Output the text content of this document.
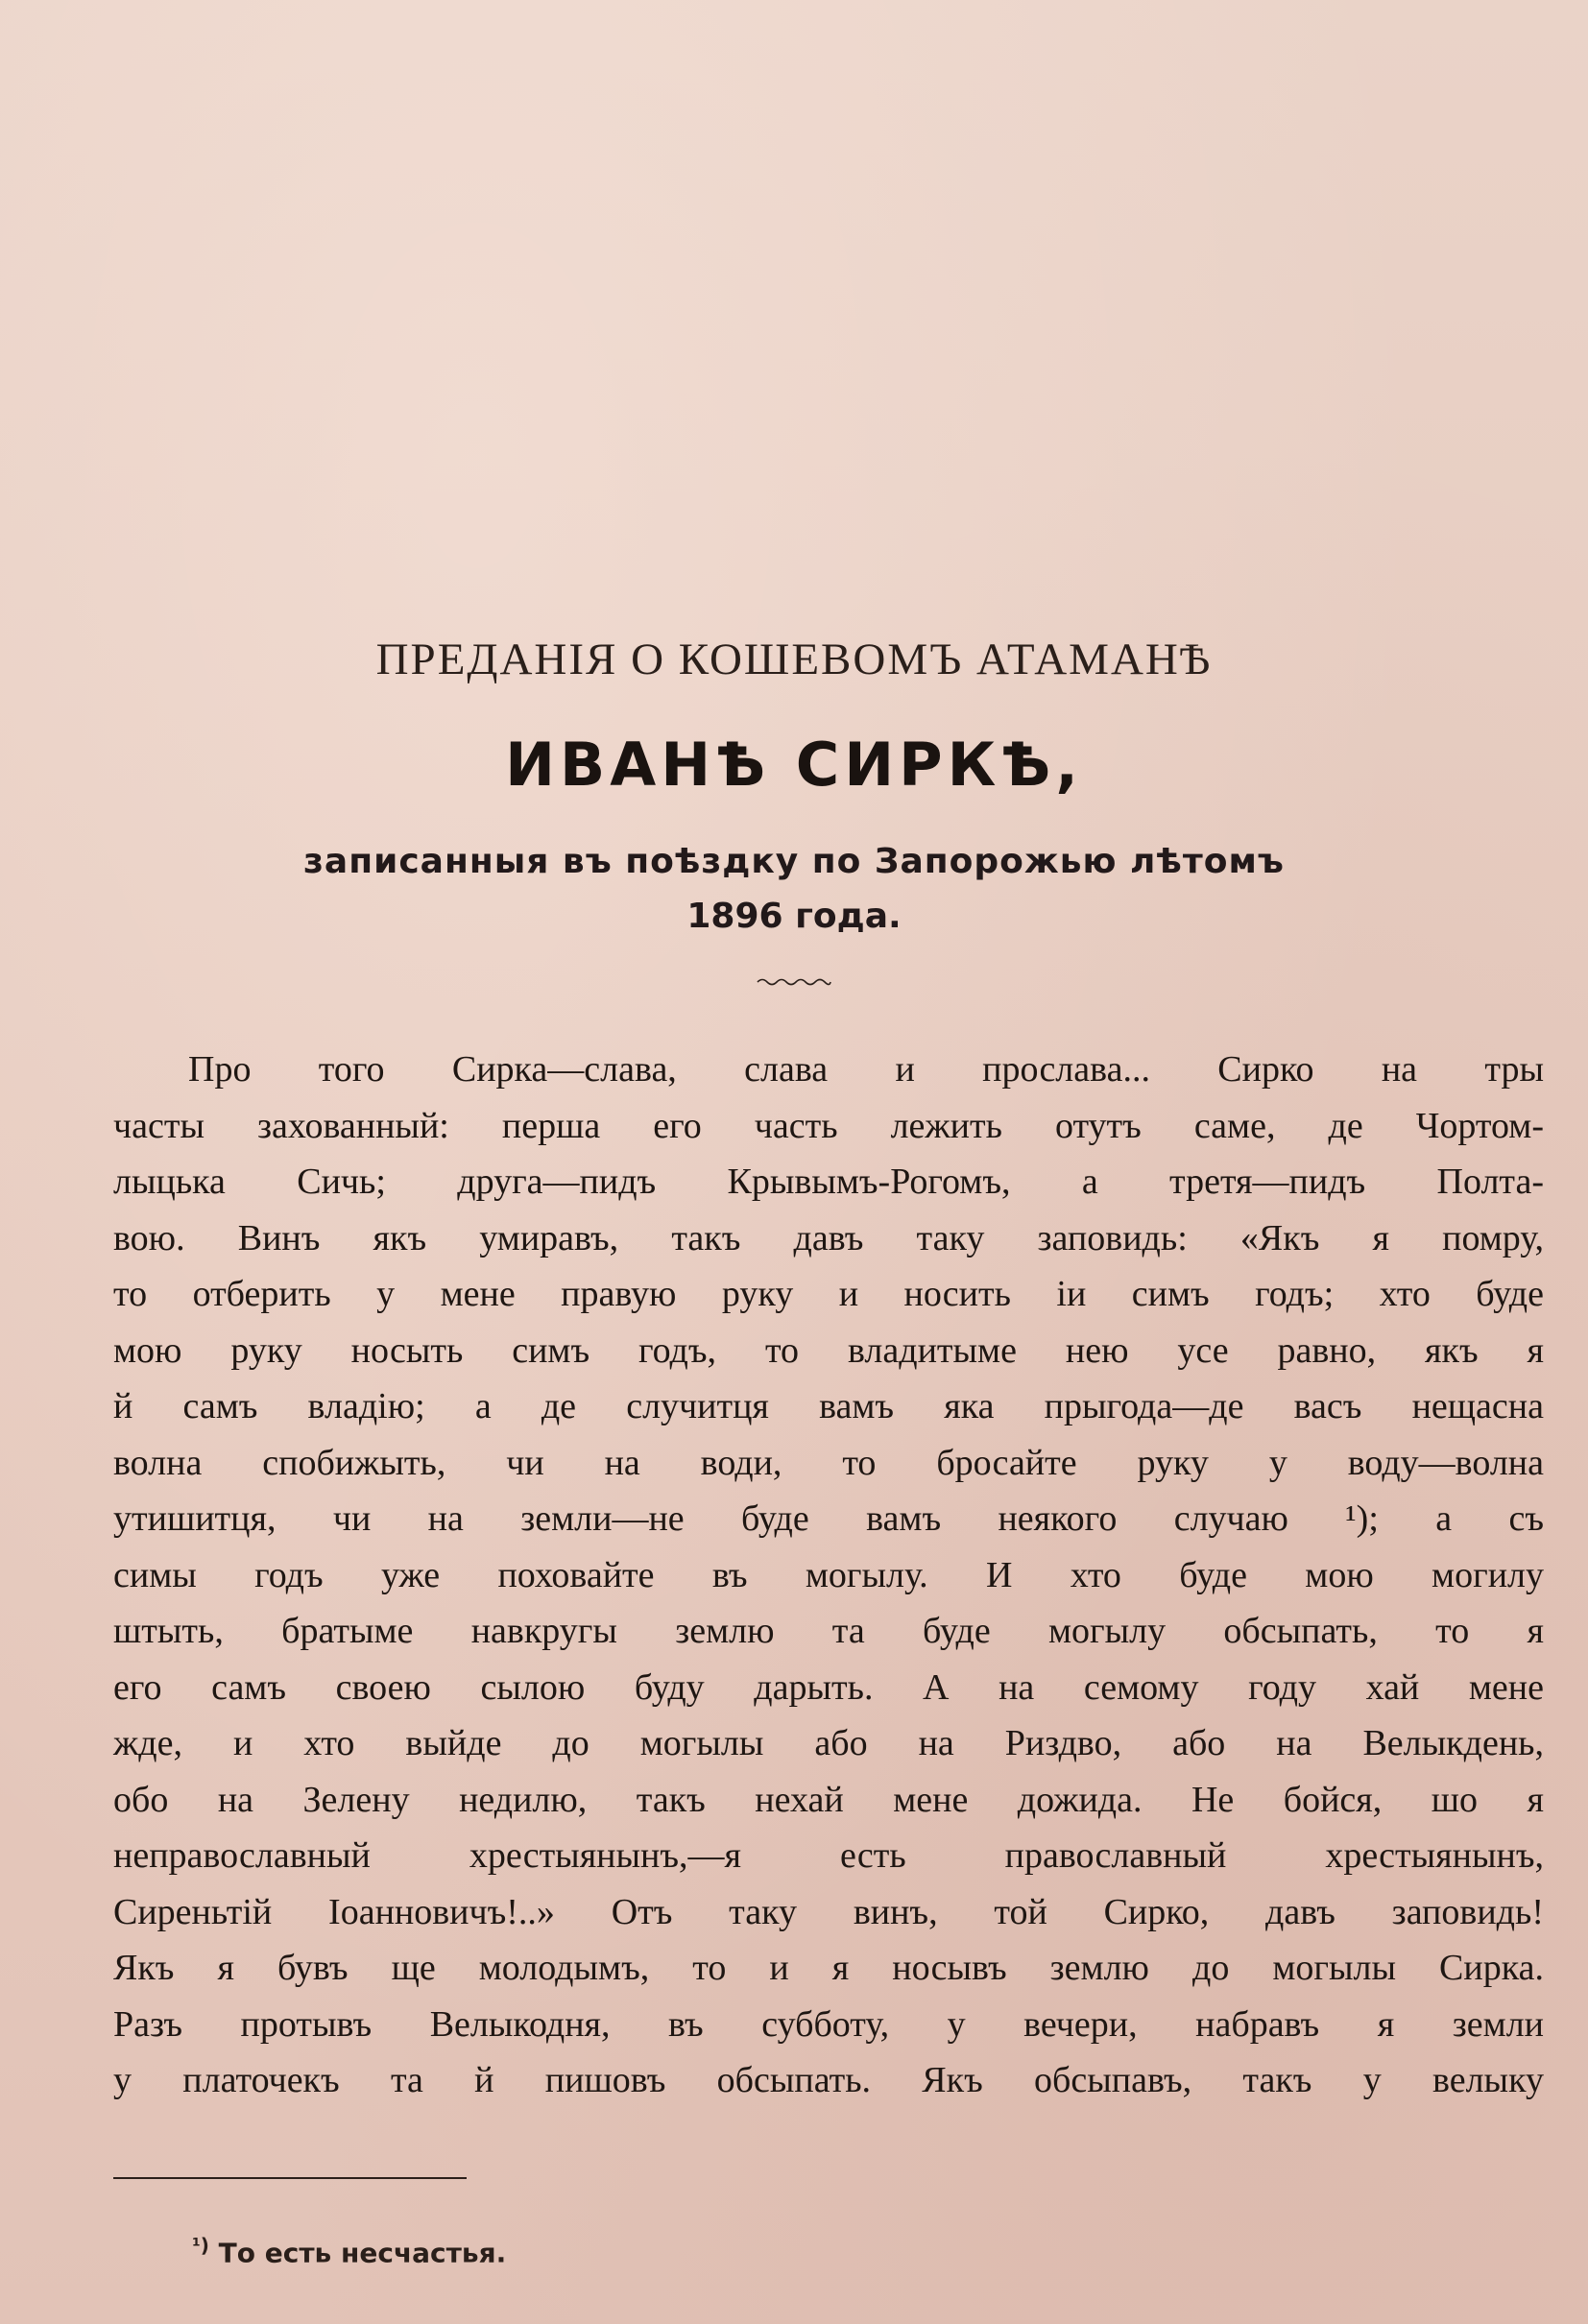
ПРЕДАНІЯ О КОШЕВОМЪ АТАМАНѢ
ИВАНѢ СИРКѢ,
записанныя въ поѣздку по Запорожью лѣтомъ
1896 года.
Про того Сирка—слава, слава и прослава... Сирко на тры
часты захованный: перша его часть лежить отутъ саме, де Чортом-
лыцька Сичь; друга—пидъ Крывымъ-Рогомъ, а третя—пидъ Полта-
вою. Винъ якъ умиравъ, такъ давъ таку заповидь: «Якъ я помру,
то отберить у мене правую руку и носить іи симъ годъ; хто буде
мою руку носыть симъ годъ, то владитыме нею усе равно, якъ я
й самъ владію; а де случитця вамъ яка прыгода—де васъ нещасна
волна спобижыть, чи на води, то бросайте руку у воду—волна
утишитця, чи на земли—не буде вамъ неякого случаю ¹); а съ
симы годъ уже поховайте въ могылу. И хто буде мою могилу
штыть, братыме навкругы землю та буде могылу обсыпать, то я
его самъ своею сылою буду дарыть. А на семому году хай мене
жде, и хто выйде до могылы або на Риздво, або на Велыкдень,
обо на Зелену недилю, такъ нехай мене дожида. Не бойся, шо я
неправославный хрестыянынъ,—я есть православный хрестыянынъ,
Сиреньтій Іоанновичъ!..» Отъ таку винъ, той Сирко, давъ заповидь!
Якъ я бувъ ще молодымъ, то и я носывъ землю до могылы Сирка.
Разъ протывъ Велыкодня, въ субботу, у вечери, набравъ я земли
у платочекъ та й пишовъ обсыпать. Якъ обсыпавъ, такъ у велыку
$^{^1)}$ То есть несчастья.
